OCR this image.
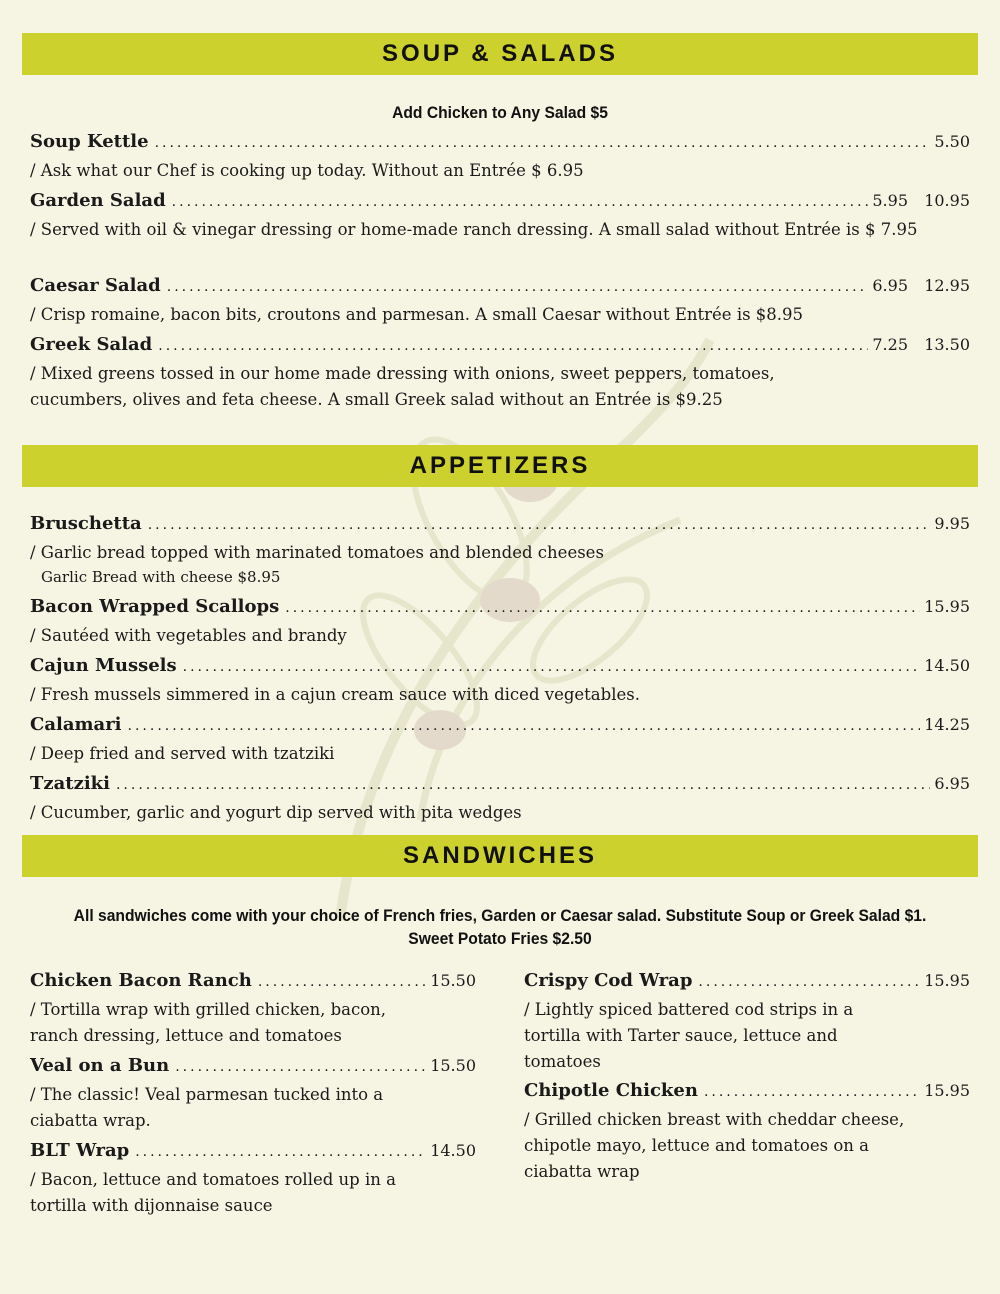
SOUP & SALADS
Add Chicken to Any Salad $5
Soup Kettle .....	5.50
/ Ask what our Chef is cooking up today. Without an Entrée $ 6.95
Garden Salad .....	5.95	10.95
/ Served with oil & vinegar dressing or home-made ranch dressing. A small salad without Entrée is $ 7.95
Caesar Salad .....	6.95	12.95
/ Crisp romaine, bacon bits, croutons and parmesan. A small Caesar without Entrée is $8.95
Greek Salad .....	7.25	13.50
/ Mixed greens tossed in our home made dressing with onions, sweet peppers, tomatoes, cucumbers, olives and feta cheese. A small Greek salad without an Entrée is $9.25
APPETIZERS
Bruschetta .....	9.95
/ Garlic bread topped with marinated tomatoes and blended cheeses
Garlic Bread with cheese $8.95
Bacon Wrapped Scallops .....	15.95
/ Sautéed with vegetables and brandy
Cajun Mussels .....	14.50
/ Fresh mussels simmered in a cajun cream sauce with diced vegetables.
Calamari .....	14.25
/ Deep fried and served with tzatziki
Tzatziki .....	6.95
/ Cucumber, garlic and yogurt dip served with pita wedges
SANDWICHES
All sandwiches come with your choice of French fries, Garden or Caesar salad. Substitute Soup or Greek Salad $1. Sweet Potato Fries $2.50
Chicken Bacon Ranch .....	15.50
/ Tortilla wrap with grilled chicken, bacon, ranch dressing, lettuce and tomatoes
Veal on a Bun .....	15.50
/ The classic! Veal parmesan tucked into a ciabatta wrap.
BLT Wrap .....	14.50
/ Bacon, lettuce and tomatoes rolled up in a tortilla with dijonnaise sauce
Crispy Cod Wrap .....	15.95
/ Lightly spiced battered cod strips in a tortilla with Tarter sauce, lettuce and tomatoes
Chipotle Chicken .....	15.95
/ Grilled chicken breast with cheddar cheese, chipotle mayo, lettuce and tomatoes on a ciabatta wrap
